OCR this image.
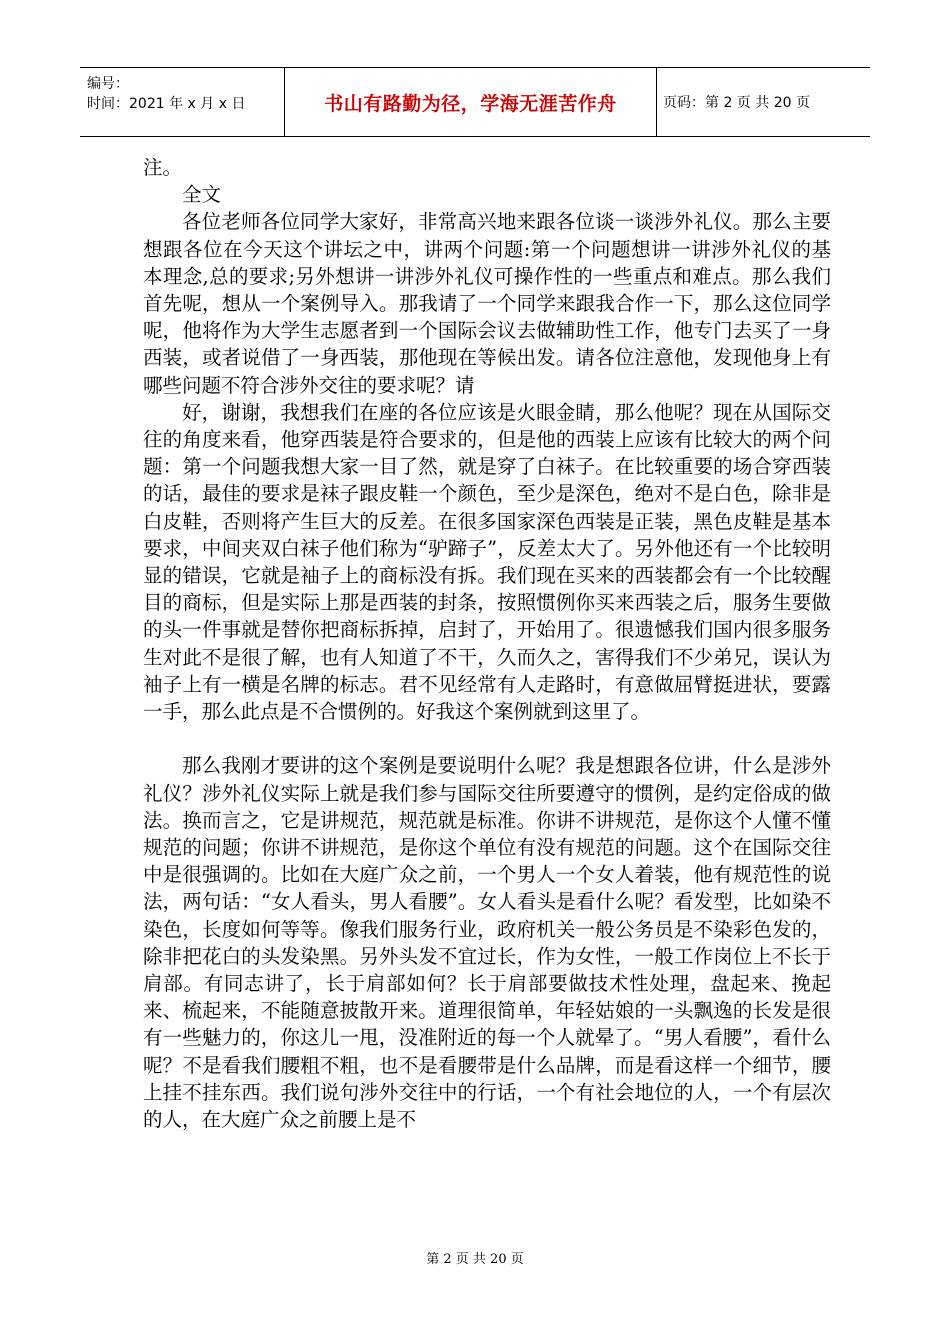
编号：
时间：2021 年 x 月 x 日	书山有路勤为径，学海无涯苦作舟	页码：第 2 页 共 20 页

注。

全文

各位老师各位同学大家好，非常高兴地来跟各位谈一谈涉外礼仪。那么主要想跟各位在今天这个讲坛之中，讲两个问题:第一个问题想讲一讲涉外礼仪的基本理念,总的要求;另外想讲一讲涉外礼仪可操作性的一些重点和难点。那么我们首先呢，想从一个案例导入。那我请了一个同学来跟我合作一下，那么这位同学呢，他将作为大学生志愿者到一个国际会议去做辅助性工作，他专门去买了一身西装，或者说借了一身西装，那他现在等候出发。请各位注意他，发现他身上有哪些问题不符合涉外交往的要求呢？请

好，谢谢，我想我们在座的各位应该是火眼金睛，那么他呢？现在从国际交往的角度来看，他穿西装是符合要求的，但是他的西装上应该有比较大的两个问题：第一个问题我想大家一目了然，就是穿了白袜子。在比较重要的场合穿西装的话，最佳的要求是袜子跟皮鞋一个颜色，至少是深色，绝对不是白色，除非是白皮鞋，否则将产生巨大的反差。在很多国家深色西装是正装，黑色皮鞋是基本要求，中间夹双白袜子他们称为“驴蹄子”，反差太大了。另外他还有一个比较明显的错误，它就是袖子上的商标没有拆。我们现在买来的西装都会有一个比较醒目的商标，但是实际上那是西装的封条，按照惯例你买来西装之后，服务生要做的头一件事就是替你把商标拆掉，启封了，开始用了。很遗憾我们国内很多服务生对此不是很了解，也有人知道了不干，久而久之，害得我们不少弟兄，误认为袖子上有一横是名牌的标志。君不见经常有人走路时，有意做屈臂挺进状，要露一手，那么此点是不合惯例的。好我这个案例就到这里了。

那么我刚才要讲的这个案例是要说明什么呢？我是想跟各位讲，什么是涉外礼仪？涉外礼仪实际上就是我们参与国际交往所要遵守的惯例，是约定俗成的做法。换而言之，它是讲规范，规范就是标准。你讲不讲规范，是你这个人懂不懂规范的问题；你讲不讲规范，是你这个单位有没有规范的问题。这个在国际交往中是很强调的。比如在大庭广众之前，一个男人一个女人着装，他有规范性的说法，两句话：“女人看头，男人看腰”。女人看头是看什么呢？看发型，比如染不染色，长度如何等等。像我们服务行业，政府机关一般公务员是不染彩色发的，除非把花白的头发染黑。另外头发不宜过长，作为女性，一般工作岗位上不长于肩部。有同志讲了，长于肩部如何？长于肩部要做技术性处理，盘起来、挽起来、梳起来，不能随意披散开来。道理很简单，年轻姑娘的一头飘逸的长发是很有一些魅力的，你这儿一甩，没准附近的每一个人就晕了。“男人看腰”，看什么呢？不是看我们腰粗不粗，也不是看腰带是什么品牌，而是看这样一个细节，腰上挂不挂东西。我们说句涉外交往中的行话，一个有社会地位的人，一个有层次的人，在大庭广众之前腰上是不

第 2 页 共 20 页
